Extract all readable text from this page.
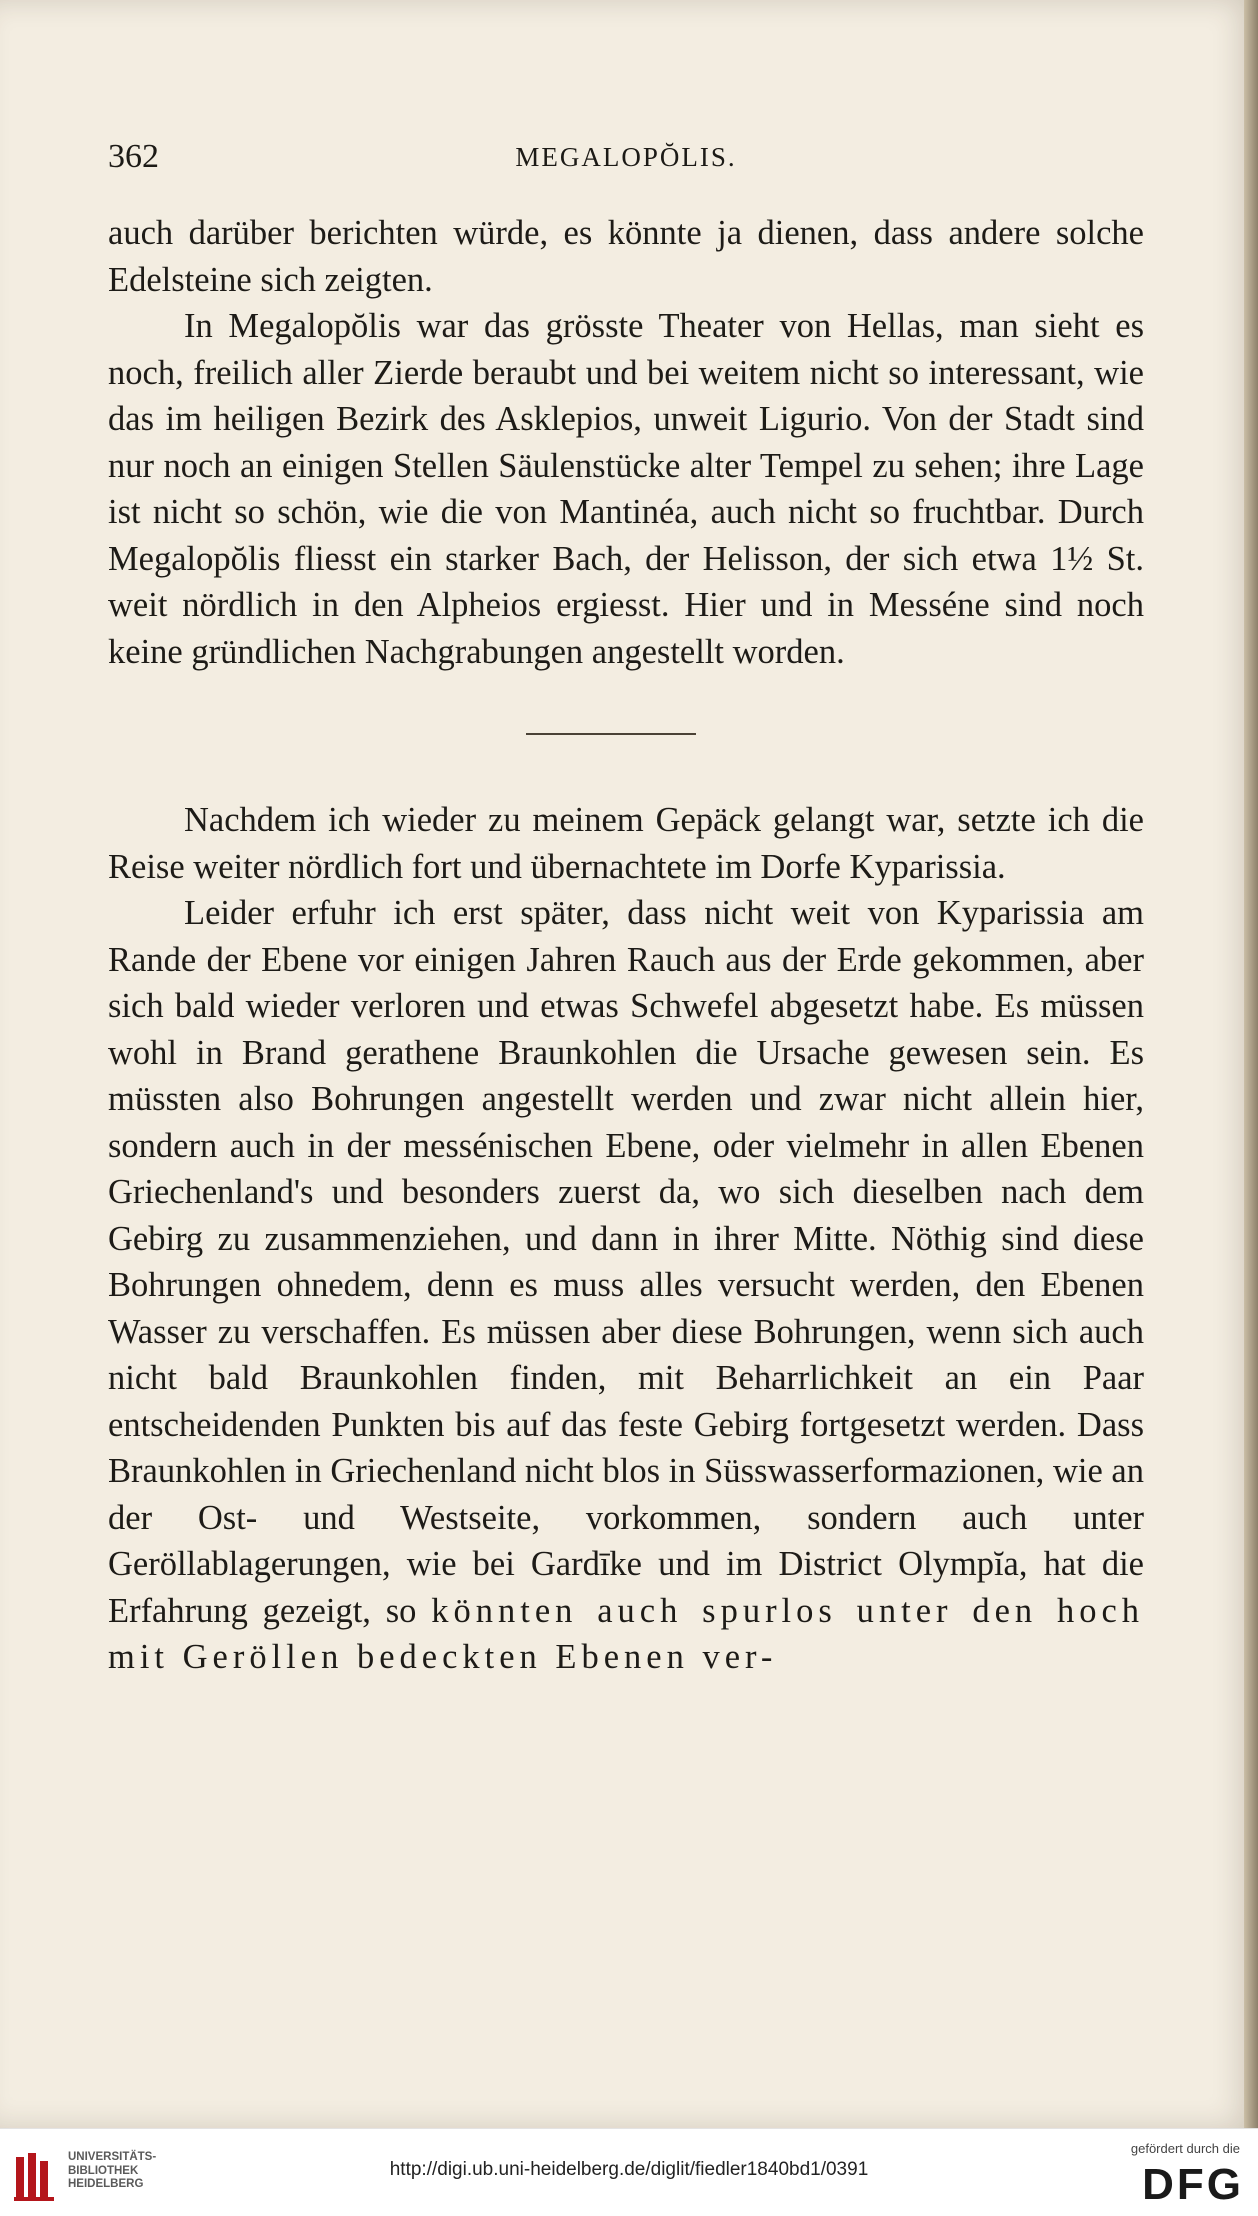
362	MEGALOPŎLIS.

auch darüber berichten würde, es könnte ja dienen, dass andere solche Edelsteine sich zeigten.

In Megalopŏlis war das grösste Theater von Hellas, man sieht es noch, freilich aller Zierde beraubt und bei weitem nicht so interessant, wie das im heiligen Bezirk des Asklepios, unweit Ligurio. Von der Stadt sind nur noch an einigen Stellen Säulenstücke alter Tempel zu sehen; ihre Lage ist nicht so schön, wie die von Mantinéa, auch nicht so fruchtbar. Durch Megalopŏlis fliesst ein starker Bach, der Helisson, der sich etwa 1½ St. weit nördlich in den Alpheios ergiesst. Hier und in Messéne sind noch keine gründlichen Nachgrabungen angestellt worden.

Nachdem ich wieder zu meinem Gepäck gelangt war, setzte ich die Reise weiter nördlich fort und übernachtete im Dorfe Kyparissia.

Leider erfuhr ich erst später, dass nicht weit von Kyparissia am Rande der Ebene vor einigen Jahren Rauch aus der Erde gekommen, aber sich bald wieder verloren und etwas Schwefel abgesetzt habe. Es müssen wohl in Brand gerathene Braunkohlen die Ursache gewesen sein. Es müssten also Bohrungen angestellt werden und zwar nicht allein hier, sondern auch in der messénischen Ebene, oder vielmehr in allen Ebenen Griechenland's und besonders zuerst da, wo sich dieselben nach dem Gebirg zu zusammenziehen, und dann in ihrer Mitte. Nöthig sind diese Bohrungen ohnedem, denn es muss alles versucht werden, den Ebenen Wasser zu verschaffen. Es müssen aber diese Bohrungen, wenn sich auch nicht bald Braunkohlen finden, mit Beharrlichkeit an ein Paar entscheidenden Punkten bis auf das feste Gebirg fortgesetzt werden. Dass Braunkohlen in Griechenland nicht blos in Süsswasserformazionen, wie an der Ost- und Westseite, vorkommen, sondern auch unter Geröllablagerungen, wie bei Gardīke und im District Olympĭa, hat die Erfahrung gezeigt, so könnten auch spurlos unter den hoch mit Geröllen bedeckten Ebenen ver-

UNIVERSITÄTS-
BIBLIOTHEK
HEIDELBERG
http://digi.ub.uni-heidelberg.de/diglit/fiedler1840bd1/0391
gefördert durch die
DFG
